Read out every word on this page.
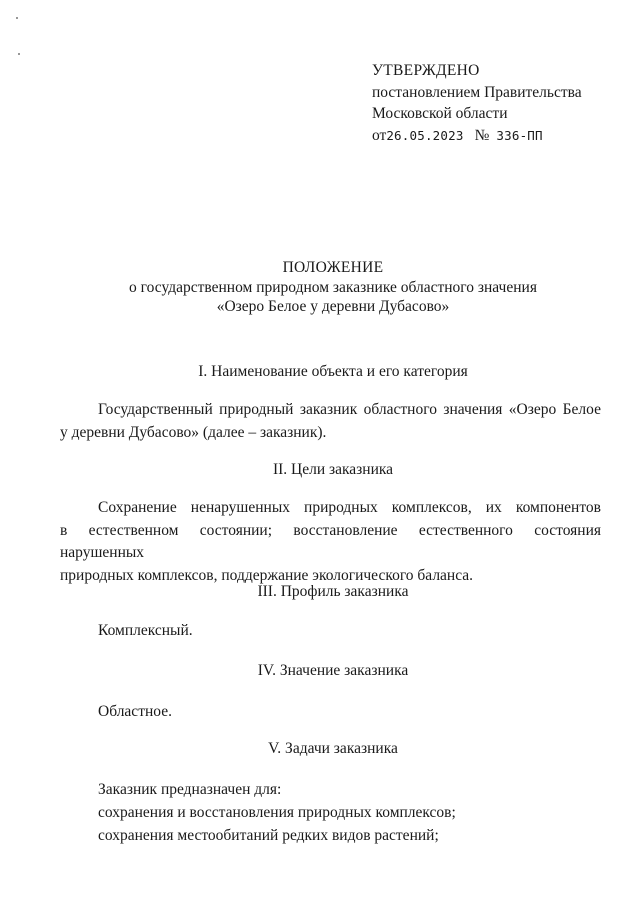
УТВЕРЖДЕНО
постановлением Правительства
Московской области
от 26.05.2023 № 336-ПП
ПОЛОЖЕНИЕ
о государственном природном заказнике областного значения
«Озеро Белое у деревни Дубасово»
I. Наименование объекта и его категория
Государственный природный заказник областного значения «Озеро Белое
у деревни Дубасово» (далее – заказник).
II. Цели заказника
Сохранение ненарушенных природных комплексов, их компонентов
в естественном состоянии; восстановление естественного состояния нарушенных
природных комплексов, поддержание экологического баланса.
III. Профиль заказника
Комплексный.
IV. Значение заказника
Областное.
V. Задачи заказника
Заказник предназначен для:
сохранения и восстановления природных комплексов;
сохранения местообитаний редких видов растений;
